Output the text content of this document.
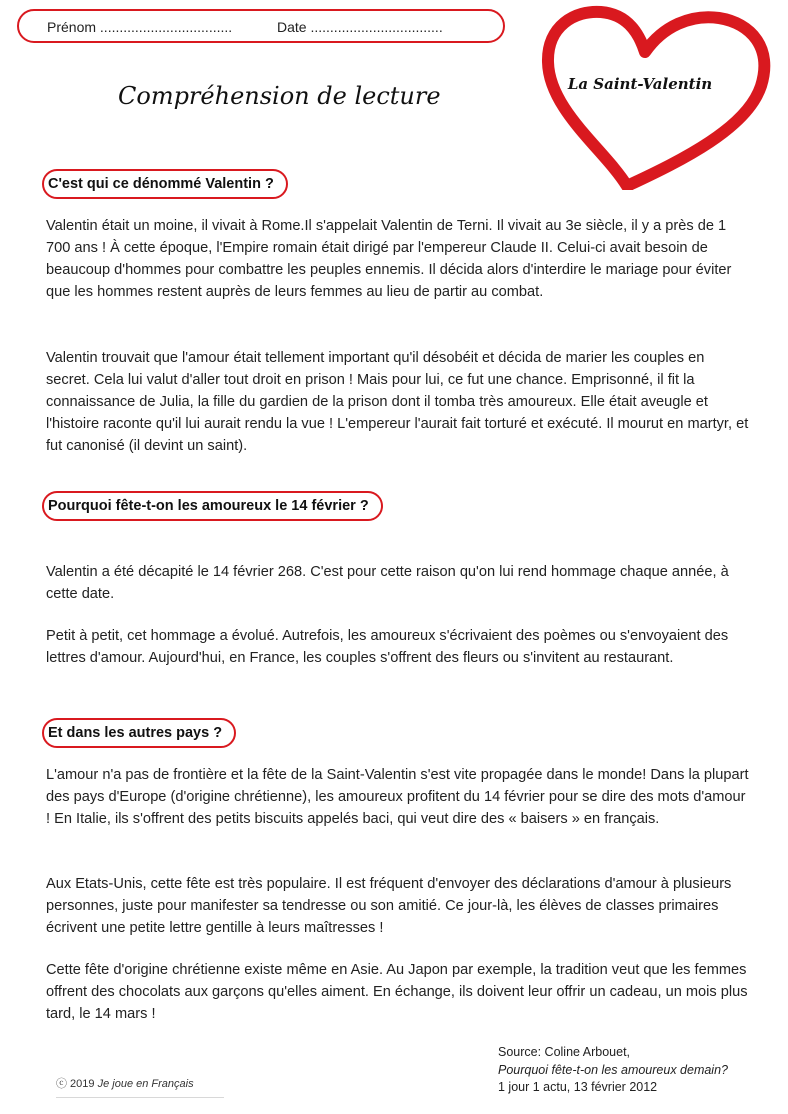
Prénom ..................................	Date ..................................
Compréhension de lecture	La Saint-Valentin
C'est qui ce dénommé Valentin ?

Valentin était un moine, il vivait à Rome.Il s'appelait Valentin de Terni. Il vivait au 3e siècle, il y a près de 1 700 ans ! À cette époque, l'Empire romain était dirigé par l'empereur Claude II. Celui-ci avait besoin de beaucoup d'hommes pour combattre les peuples ennemis. Il décida alors d'interdire le mariage pour éviter que les hommes restent auprès de leurs femmes au lieu de partir au combat.

Valentin trouvait que l'amour était tellement important qu'il désobéit et décida de marier les couples en secret. Cela lui valut d'aller tout droit en prison ! Mais pour lui, ce fut une chance. Emprisonné, il fit la connaissance de Julia, la fille du gardien de la prison dont il tomba très amoureux. Elle était aveugle et l'histoire raconte qu'il lui aurait rendu la vue ! L'empereur l'aurait fait torturé et exécuté. Il mourut en martyr, et fut canonisé (il devint un saint).

Pourquoi fête-t-on les amoureux le 14 février ?

Valentin a été décapité le 14 février 268. C'est pour cette raison qu'on lui rend hommage chaque année, à cette date.

Petit à petit, cet hommage a évolué. Autrefois, les amoureux s'écrivaient des poèmes ou s'envoyaient des lettres d'amour. Aujourd'hui, en France, les couples s'offrent des fleurs ou s'invitent au restaurant.

Et dans les autres pays ?

L'amour n'a pas de frontière et la fête de la Saint-Valentin s'est vite propagée dans le monde! Dans la plupart des pays d'Europe (d'origine chrétienne), les amoureux profitent du 14 février pour se dire des mots d'amour ! En Italie, ils s'offrent des petits biscuits appelés baci, qui veut dire des « baisers » en français.

Aux Etats-Unis, cette fête est très populaire. Il est fréquent d'envoyer des déclarations d'amour à plusieurs personnes, juste pour manifester sa tendresse ou son amitié. Ce jour-là, les élèves de classes primaires écrivent une petite lettre gentille à leurs maîtresses !

Cette fête d'origine chrétienne existe même en Asie. Au Japon par exemple, la tradition veut que les femmes offrent des chocolats aux garçons qu'elles aiment. En échange, ils doivent leur offrir un cadeau, un mois plus tard, le 14 mars !

ⓒ 2019 Je joue en Français
Source: Coline Arbouet,
Pourquoi fête-t-on les amoureux demain?
1 jour 1 actu, 13 février 2012
